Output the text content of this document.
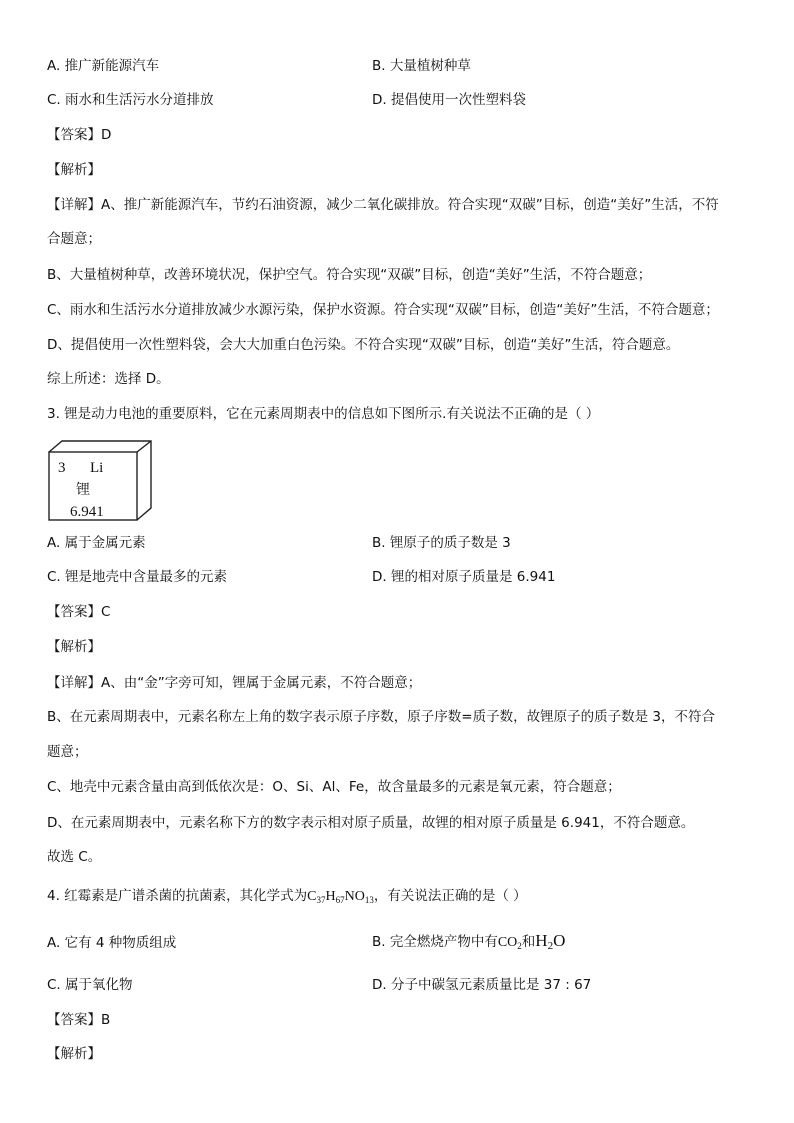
A. 推广新能源汽车	B. 大量植树种草
C. 雨水和生活污水分道排放	D. 提倡使用一次性塑料袋
【答案】D
【解析】
【详解】A、推广新能源汽车，节约石油资源，减少二氧化碳排放。符合实现“双碳”目标，创造“美好”生活，不符
合题意；
B、大量植树种草，改善环境状况，保护空气。符合实现“双碳”目标，创造“美好”生活，不符合题意；
C、雨水和生活污水分道排放减少水源污染，保护水资源。符合实现“双碳”目标，创造“美好”生活，不符合题意；
D、提倡使用一次性塑料袋，会大大加重白色污染。不符合实现“双碳”目标，创造“美好”生活，符合题意。
综上所述：选择 D。
3. 锂是动力电池的重要原料，它在元素周期表中的信息如下图所示.有关说法不正确的是（ ）
3 Li
锂
6.941
A. 属于金属元素	B. 锂原子的质子数是 3
C. 锂是地壳中含量最多的元素	D. 锂的相对原子质量是 6.941
【答案】C
【解析】
【详解】A、由“金”字旁可知，锂属于金属元素，不符合题意；
B、在元素周期表中，元素名称左上角的数字表示原子序数，原子序数=质子数，故锂原子的质子数是 3，不符合
题意；
C、地壳中元素含量由高到低依次是：O、Si、Al、Fe，故含量最多的元素是氧元素，符合题意；
D、在元素周期表中，元素名称下方的数字表示相对原子质量，故锂的相对原子质量是 6.941，不符合题意。
故选 C。
4. 红霉素是广谱杀菌的抗菌素，其化学式为$C_{37}H_{67}NO_{13}$，有关说法正确的是（ ）
A. 它有 4 种物质组成	B. 完全燃烧产物中有$CO_2$和$H_2O$
C. 属于氧化物	D. 分子中碳氢元素质量比是 37 : 67
【答案】B
【解析】
